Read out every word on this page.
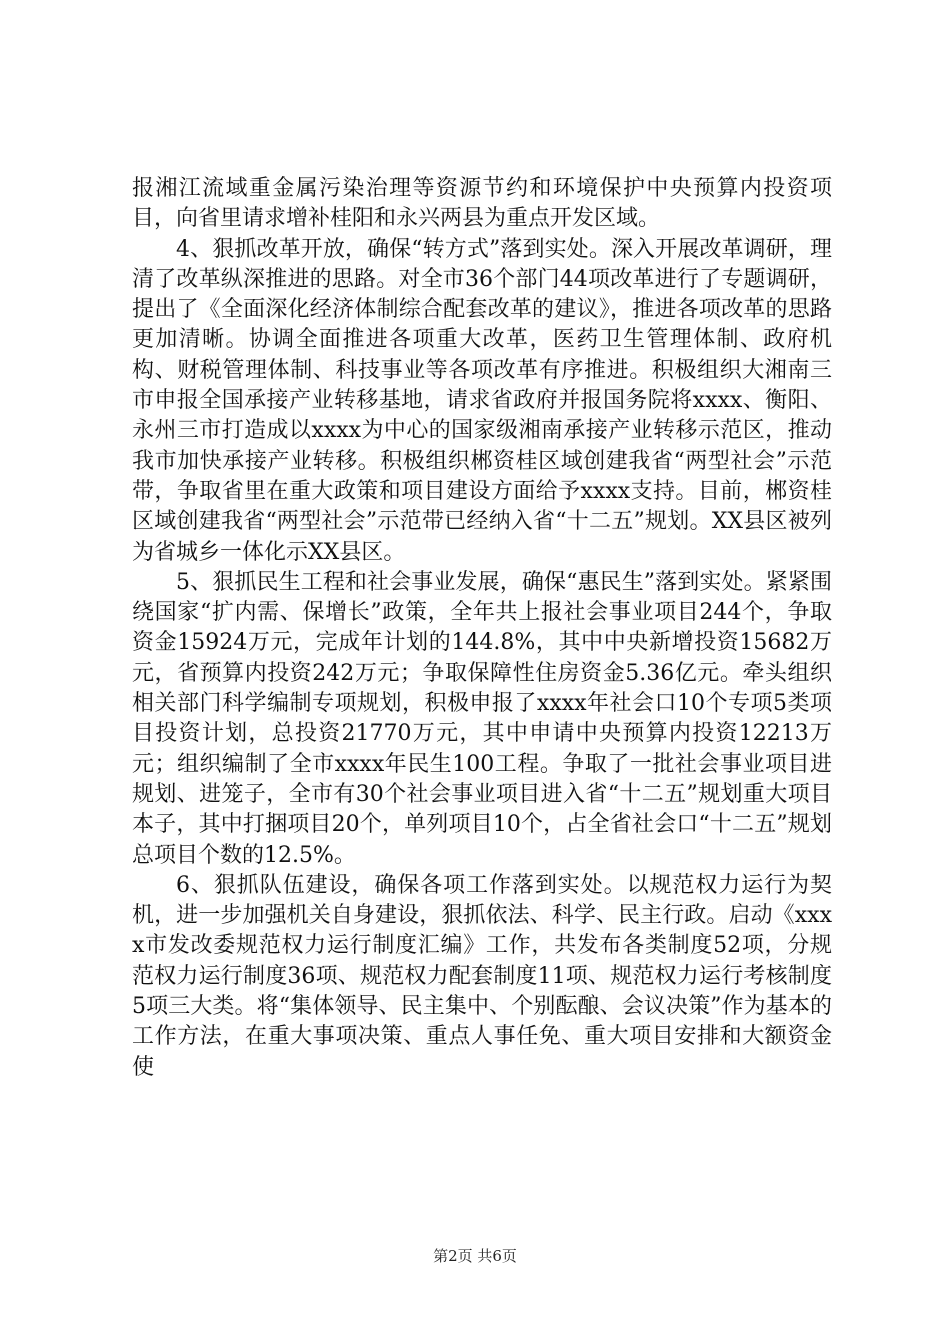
报湘江流域重金属污染治理等资源节约和环境保护中央预算内投资项目，向省里请求增补桂阳和永兴两县为重点开发区域。

4、狠抓改革开放，确保“转方式”落到实处。深入开展改革调研，理清了改革纵深推进的思路。对全市36个部门44项改革进行了专题调研，提出了《全面深化经济体制综合配套改革的建议》，推进各项改革的思路更加清晰。协调全面推进各项重大改革，医药卫生管理体制、政府机构、财税管理体制、科技事业等各项改革有序推进。积极组织大湘南三市申报全国承接产业转移基地，请求省政府并报国务院将xxxx、衡阳、永州三市打造成以xxxx为中心的国家级湘南承接产业转移示范区，推动我市加快承接产业转移。积极组织郴资桂区域创建我省“两型社会”示范带，争取省里在重大政策和项目建设方面给予xxxx支持。目前，郴资桂区域创建我省“两型社会”示范带已经纳入省“十二五”规划。XX县区被列为省城乡一体化示XX县区。

5、狠抓民生工程和社会事业发展，确保“惠民生”落到实处。紧紧围绕国家“扩内需、保增长”政策，全年共上报社会事业项目244个，争取资金15924万元，完成年计划的144.8%，其中中央新增投资15682万元，省预算内投资242万元；争取保障性住房资金5.36亿元。牵头组织相关部门科学编制专项规划，积极申报了xxxx年社会口10个专项5类项目投资计划，总投资21770万元，其中申请中央预算内投资12213万元；组织编制了全市xxxx年民生100工程。争取了一批社会事业项目进规划、进笼子，全市有30个社会事业项目进入省“十二五”规划重大项目本子，其中打捆项目20个，单列项目10个，占全省社会口“十二五”规划总项目个数的12.5%。

6、狠抓队伍建设，确保各项工作落到实处。以规范权力运行为契机，进一步加强机关自身建设，狠抓依法、科学、民主行政。启动《xxxx市发改委规范权力运行制度汇编》工作，共发布各类制度52项，分规范权力运行制度36项、规范权力配套制度11项、规范权力运行考核制度5项三大类。将“集体领导、民主集中、个别酝酿、会议决策”作为基本的工作方法，在重大事项决策、重点人事任免、重大项目安排和大额资金使

第2页 共6页
